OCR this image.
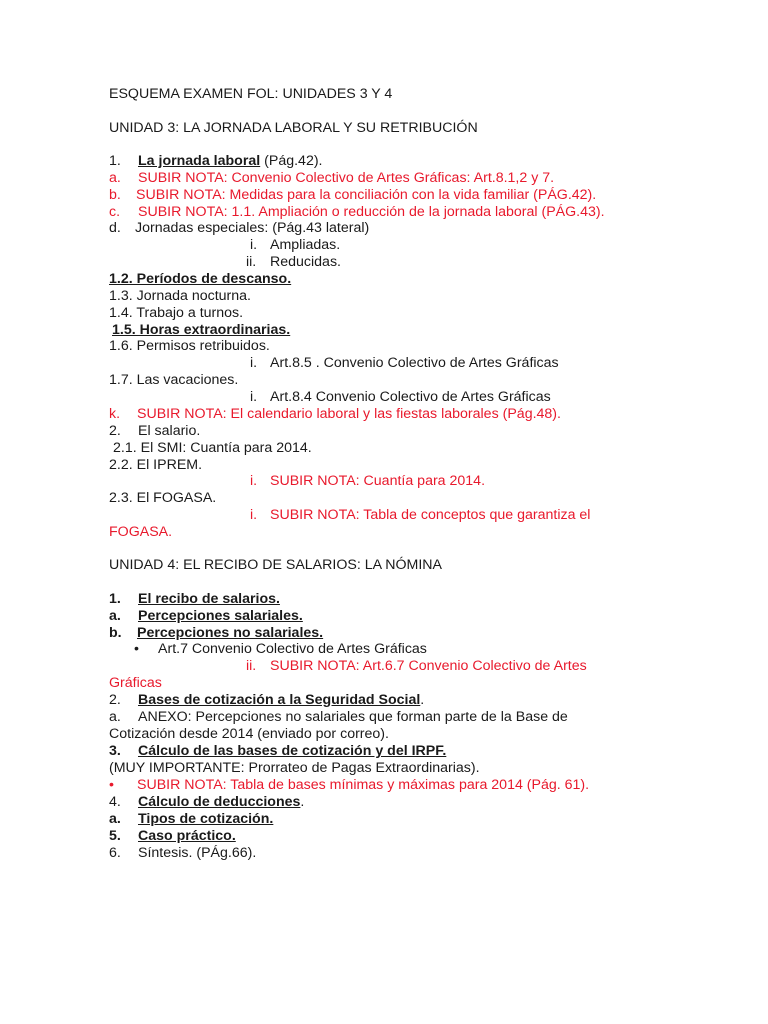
ESQUEMA EXAMEN FOL: UNIDADES 3 Y 4
UNIDAD 3: LA JORNADA LABORAL Y SU RETRIBUCIÓN
1. La jornada laboral (Pág.42).
a. SUBIR NOTA: Convenio Colectivo de Artes Gráficas: Art.8.1,2 y 7.
b. SUBIR NOTA: Medidas para la conciliación con la vida familiar (PÁG.42).
c. SUBIR NOTA: 1.1. Ampliación o reducción de la jornada laboral (PÁG.43).
d. Jornadas especiales: (Pág.43 lateral)
i. Ampliadas.
ii. Reducidas.
1.2. Períodos de descanso.
1.3. Jornada nocturna.
1.4. Trabajo a turnos.
1.5. Horas extraordinarias.
1.6. Permisos retribuidos.
i. Art.8.5 . Convenio Colectivo de Artes Gráficas
1.7. Las vacaciones.
i. Art.8.4 Convenio Colectivo de Artes Gráficas
k. SUBIR NOTA: El calendario laboral y las fiestas laborales (Pág.48).
2. El salario.
2.1. El SMI: Cuantía para 2014.
2.2. El IPREM.
i. SUBIR NOTA: Cuantía para 2014.
2.3. El FOGASA.
i. SUBIR NOTA: Tabla de conceptos que garantiza el
FOGASA.
UNIDAD 4: EL RECIBO DE SALARIOS: LA NÓMINA
1. El recibo de salarios.
a. Percepciones salariales.
b. Percepciones no salariales.
• Art.7 Convenio Colectivo de Artes Gráficas
ii. SUBIR NOTA: Art.6.7 Convenio Colectivo de Artes
Gráficas
2. Bases de cotización a la Seguridad Social.
a. ANEXO: Percepciones no salariales que forman parte de la Base de
Cotización desde 2014 (enviado por correo).
3. Cálculo de las bases de cotización y del IRPF.
(MUY IMPORTANTE: Prorrateo de Pagas Extraordinarias).
• SUBIR NOTA: Tabla de bases mínimas y máximas para 2014 (Pág. 61).
4. Cálculo de deducciones.
a. Tipos de cotización.
5. Caso práctico.
6. Síntesis. (PÁg.66).
